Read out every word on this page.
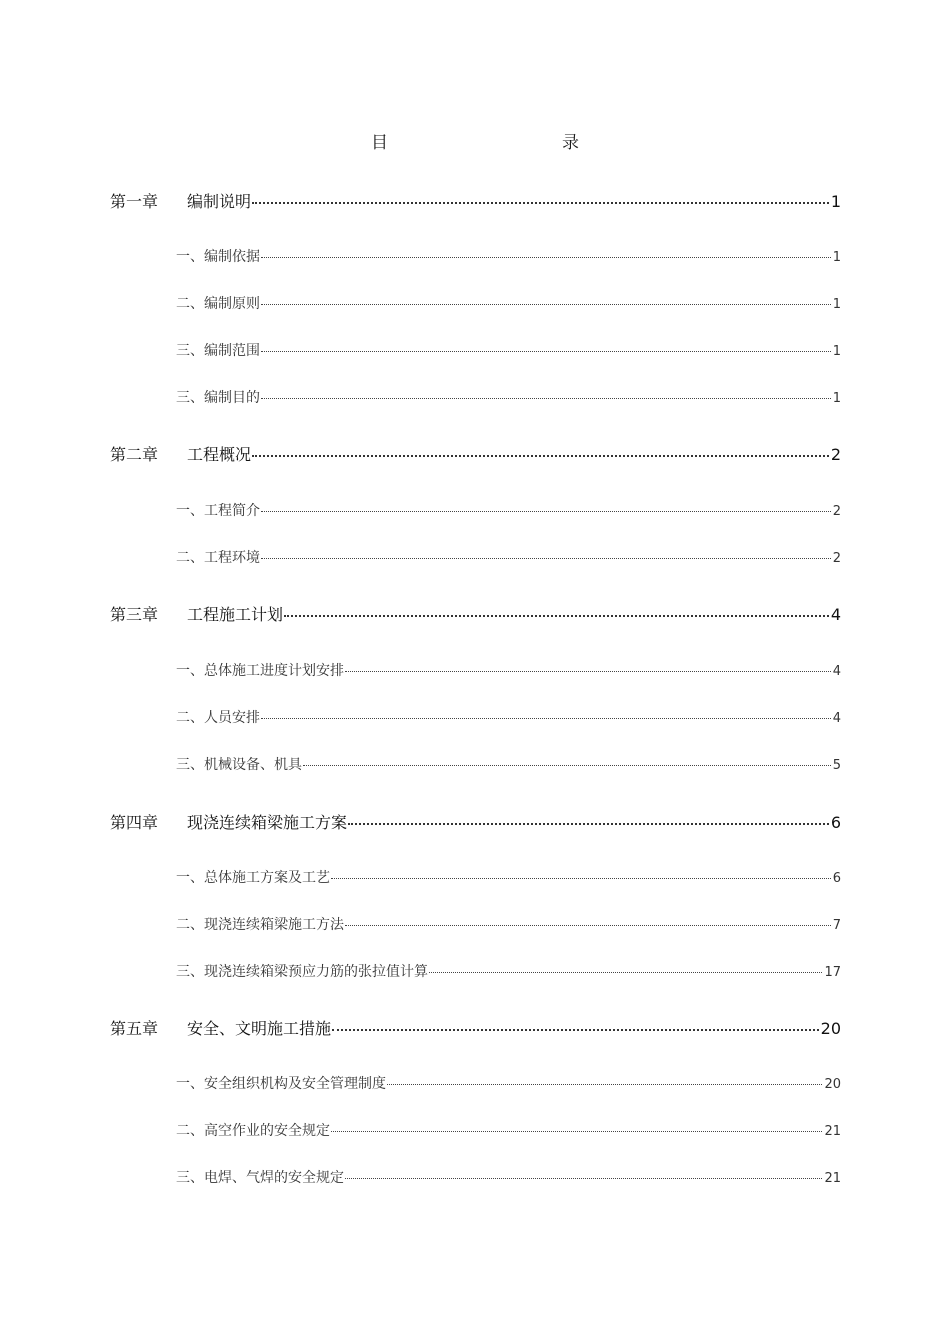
目	录
第一章	编制说明	1
一、编制依据	1
二、编制原则	1
三、编制范围	1
三、编制目的	1
第二章	工程概况	2
一、工程简介	2
二、工程环境	2
第三章	工程施工计划	4
一、总体施工进度计划安排	4
二、人员安排	4
三、机械设备、机具	5
第四章	现浇连续箱梁施工方案	6
一、总体施工方案及工艺	6
二、现浇连续箱梁施工方法	7
三、现浇连续箱梁预应力筋的张拉值计算	17
第五章	安全、文明施工措施	20
一、安全组织机构及安全管理制度	20
二、高空作业的安全规定	21
三、电焊、气焊的安全规定	21
